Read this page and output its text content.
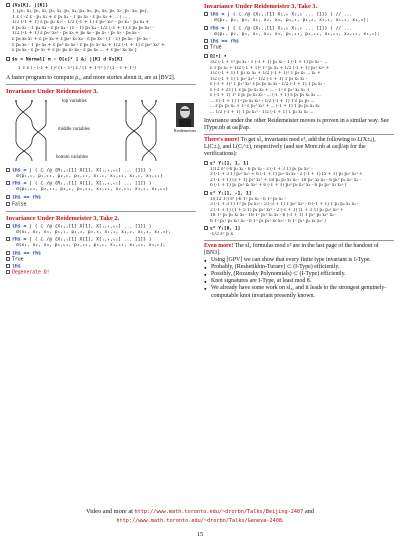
{Vs[K], ∫[K]}
{ {ρ₁, x₁, p₁, x₂, p₂, x₃, p₃, x₄, p₄, x₅, p₅, x₆, p₆, x₇, p₇, x₈, p₈},
T ε ( -2 ε - p₁ x₁ + ε p₁ x₁ - T p₂ x₂ - ε p₂ x₂ + ... ) ... ,
1/2 (-1 + T) ε p₁ p₂ x₁² - 1/2 (-1 + T) ε p₂² x₂² - p₃ x₃ - p₄ x₄ +
ε p₃ x₃ - T p₄ x₄ - ε p₃ x₄ - (1 - T) p₃ x₄ - 1/2 (-1 + T) ε p₃ p₅ x₅² -
1/2 (-1 + T) ε p₅² x₅² - p₅ x₅ + p₆ x₆ - p₆ x₇ - p₇ x₇ - p₈ x₈ -
ε p₆ x₆ x₇ + ε p₇ x₈ + ε p₈² x₅ x₈ - ε p₆ x₆ - (1 - T) p₆ x₆ - p₇ x₆ -
ε p₆ x₆ - T p₇ x₈ + ε p₈² x₅ x₆ - ε p₈ p₇ x₇ x₈ + 1/2 (-1 + T) ε p₈² x₆² +
ε p₈ x₈ - ε p₇ x₇ + ε p₇ p₈ x₇ x₈ - ε p₈ x₈ ... + ε p₈² x₆ x₈ }
$v = Normal[ π ∘ O[ε]² ] &; ∫[K] d Vs[K]
1 T ε ( - (-1 + T)² (1 - T²) ε / (1 + T²)² ) / (1 - T + T²)
A faster program to compute ρ₁, and more stories about it, are at [BV2].
Invariance Under Reidemeister 3.
top variables
middle variables
bottom variables
Reidemeister
lhs = ∫ ( ℒ /@ {R₁,ⱼ[1] X[1], X[ⱼ,ₖ,ₖ₁] ... [1]} )
d{p₁,ₖ, p₁,ₖ₁, p₂,ₖ, p₃,ₖ₁, x₁,ₖ, x₁,ₖ₁, x₂,ₖ, x₃,ₖ₁}
rhs = ∫ ( ℒ /@ {R₁,ⱼ[1] X[1], X[ⱼ,ₖ,ₖ₁] ... [1]} )
d{p₁,ₖ₁, p₂,ₖ₁, p₃,ₖ, p₂,ₖ₁, x₁,ₖ₁, x₂,ₖ₁, x₃,ₖ, x₂,ₖ₁}
lhs == rhs
False
Invariance Under Reidemeister 3, Take 2.
lhs = ∫ ( ℒ /@ {X₁,ⱼ[1] X[1], X[ⱼ,ₖ,ₖ₁] ... [1]} )
d{x₁, x₂, x₃, p₁,₁, p₁,₂, p₂,₃, x₁,₁, x₁,₂, x₁,₃, x₂,₃};
rhs = ∫ ( ℒ /@ {X₁,ⱼ[1] X[1], X[ⱼ,ₖ,ₖ₁] ... [1]} )
d{x₁, x₂, x₃, p₁,ₖ₁, p₂,ₖ₁, p₃,ₖ, x₁,ₖ₁, x₂,ₖ₁, x₃,ₖ};
lhs == rhs
True
lhs
Degenerate Q!
Invariance Under Reidemeister 3, Take 3.
lhs = ∫ ( ℒ /@ {X₁,ⱼ[1] X₁,ₖ X₂,ₖ ... [1]} ) // ...
d{p₁, p₂, p₃, x₁, x₂, x₃, p₁,₁, p₁,₂, x₁,₁, x₁,₂, x₂,₃};
rhs = ∫ ( ℒ /@ {X₁,ⱼ[1] X₂,ₖ X₃,ₖ ... [1]} ) // ...
d{p₁, p₂, p₃, x₁, x₂, x₃, p₁,ₖ₁, p₂,ₖ₁, x₁,ₖ₁, x₂,ₖ₁, x₃,ₖ};
lhs == rhs
True
Ω[•] •
3/2 (-1 + T² p₂ x₂ - 1 (-1 + T) p₁ x₁ - 1 (-1 + T) p₂ x₂ - ...
ε T p₁ x₁ + 1/2 (-1 + T)² T² p₁ x₂ + 1/2 (-1 + T) p₂² x₂² +
1/2 (-1 + T) T p₁ x₁ x₂ + 1/2 (-1 + T)² T p₃ x₃ ... x₁ +
1/2 (-1 + T) T p₂² x₁² - 1/2 (-1 + T) T p₁ x₁ x₂ -
ε (-1 + T)² T p₁² x₂² ε p₁ p₂ x₁ x₂ - 1/2 (-1 + T) T p₂ x₂ -
ε (-1 + 2T) T ε p₁ p₂ x₁ x₂ + ... - T² ε p₁² x₁ x₂ +
ε (-1 + T) T² ε p₁ p₂ x₁ x₂ - ... (-1 + T) ε p₁ p₂ x₁ x₂ ...
... ε (-1 + T) T² p₂ x₂ x₁² - 1/2 (-1 + T) T ε p₁ p₂ ...
... ε p₁ p₂ x₁ + T² ε p₁² x₂² + ... (-1 + T) T p₁ p₂ x₁ x₂
... 1/2 (-1 + T) T p₂ x₁² - 1/2 (-1 + T) T p₁ x₁ x₂ ...
Invariance under the other Reidemeister moves is proven in a similar way. See IType.nb at ωεβ/ap.
There's more! To get sl₂ invariants mod ε³, add the following to L(X±ᵢⱼ), L(C±ᵢ), and L(Cᵢ^±), respectively (and see More.nb at ωεβ/ap for the verifications):
ε³ Y₃[1, 1, 1]
1/12 ε³ (-6 p₁ x₁ - 6 p₁ x₂ - 3 (-1 + 3 T) p₁ p₂ x₁² -
3 (-1 + 3 T) p₂² x₂² + 6 (-1 + T) p₂² x₁ x₂ - 2 (-1 + T) (5 + T) p₁ p₂² x₂³ +
2 (-1 + T) (3 + T) p₁³ x₁³ + 18 p₁ p₂ x₁ x₂ - 18 p₂² x₁ x₂ - 6 p₁² p₂ x₁² x₂ -
6 (-1 + T) p₁ p₂² x₁ x₂² + 6 (-1 + T) p₁² p₂ x₁² x₂ - 6 p₁ p₂² x₁ x₂² )
ε³ Y₁[1, -1, 1]
1/(12 T²) ε³ (-6 T² p₁ x₁ - 6 T² p₂ x₂ -
3 (-1 + 3 T) T² p₁ p₂ x₁² - 3 (-3 + T) T p₂² x₂² - 6 (-1 + T) T p₁ p₂ x₁ x₂ -
2 (-1 + T) (1 + 5 T) p₁ p₂² x₁³ - 2 (-1 + T) (1 + 3 T) p₁ p₂² x₂³ +
18 T² p₁ p₂ x₁ x₂ - 18 T² p₁² x₁ x₂ - 6 (-1 + T) T p₁² p₂ x₁² x₂ -
6 T² p₁² p₂ x₁² x₂ - 6 T² p₁ p₂² x₁ x₂² - 6 T² p₁² p₂ x₁ x₂² )
ε³ Y₁[0, 1]
-1/2 ε² p x
Even more! The sl₂ formulas mod ε² are in the last page of the handout of [BN3].
● Using [GPV] we can show that every finite type invariant is I-Type.
● Probably, (Reshetikhin-Turaev) ⊂ (I-Type) efficiently.
● Possibly, (Rozansky Polynomials) ⊂ (I-Type) efficiently.
● Knot signatures are I-Type, at least mod 8.
● We already have some work on sl₃, and it leads to the strongest genuinely-computable knot invariant presently known.
Video and more at http://www.math.toronto.edu/~drorbn/Talks/Beijing-2407 and
http://www.math.toronto.edu/~drorbn/Talks/Geneva-2408.
15
